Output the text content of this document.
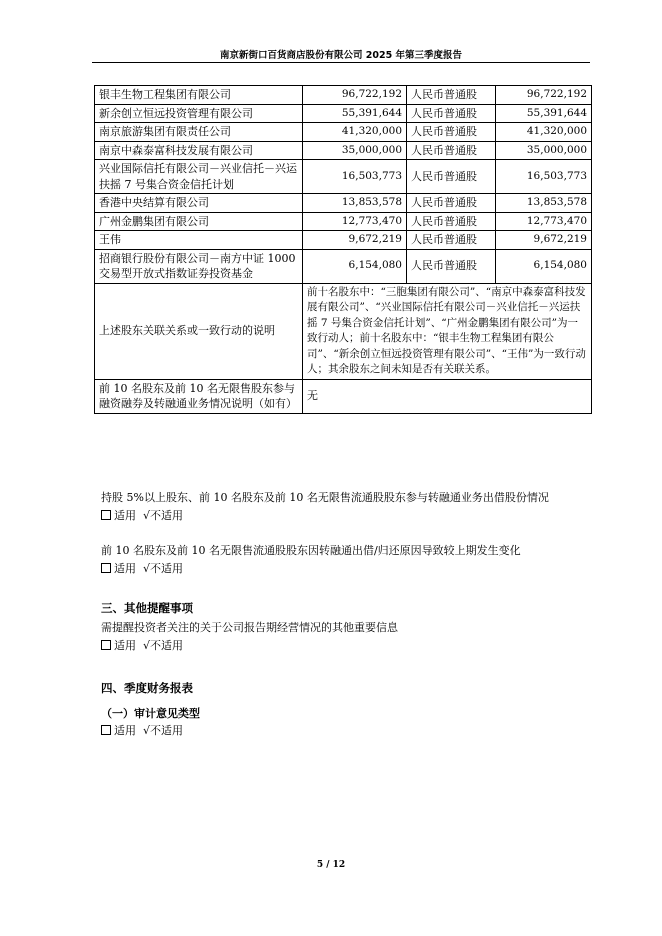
南京新街口百货商店股份有限公司 2025 年第三季度报告
银丰生物工程集团有限公司	96,722,192	人民币普通股	96,722,192
新余创立恒远投资管理有限公司	55,391,644	人民币普通股	55,391,644
南京旅游集团有限责任公司	41,320,000	人民币普通股	41,320,000
南京中森泰富科技发展有限公司	35,000,000	人民币普通股	35,000,000
兴业国际信托有限公司－兴业信托－兴运扶摇 7 号集合资金信托计划	16,503,773	人民币普通股	16,503,773
香港中央结算有限公司	13,853,578	人民币普通股	13,853,578
广州金鹏集团有限公司	12,773,470	人民币普通股	12,773,470
王伟	9,672,219	人民币普通股	9,672,219
招商银行股份有限公司－南方中证 1000 交易型开放式指数证券投资基金	6,154,080	人民币普通股	6,154,080
上述股东关联关系或一致行动的说明	前十名股东中：“三胞集团有限公司”、“南京中森泰富科技发展有限公司”、“兴业国际信托有限公司－兴业信托－兴运扶摇 7 号集合资金信托计划”、“广州金鹏集团有限公司”为一致行动人；前十名股东中：“银丰生物工程集团有限公司”、“新余创立恒远投资管理有限公司”、“王伟”为一致行动人；其余股东之间未知是否有关联关系。		
前 10 名股东及前 10 名无限售股东参与融资融券及转融通业务情况说明（如有）	无		
持股 5%以上股东、前 10 名股东及前 10 名无限售流通股股东参与转融通业务出借股份情况
适用 √不适用
前 10 名股东及前 10 名无限售流通股股东因转融通出借/归还原因导致较上期发生变化
适用 √不适用
三、其他提醒事项
需提醒投资者关注的关于公司报告期经营情况的其他重要信息
适用 √不适用
四、季度财务报表
（一）审计意见类型
适用 √不适用
5 / 12
